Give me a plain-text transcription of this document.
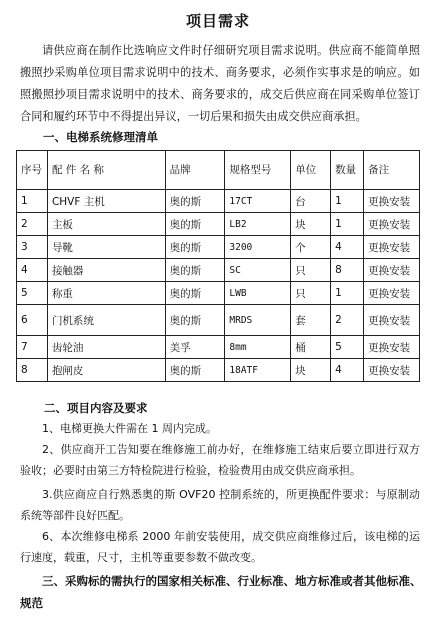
项目需求
请供应商在制作比选响应文件时仔细研究项目需求说明。供应商不能简单照搬照抄采购单位项目需求说明中的技术、商务要求，必须作实事求是的响应。如照搬照抄项目需求说明中的技术、商务要求的，成交后供应商在同采购单位签订合同和履约环节中不得提出异议，一切后果和损失由成交供应商承担。
一、电梯系统修理清单
序号	配 件 名 称	品牌	规格型号	单位	数量	备注
1	CHVF 主机	奥的斯	17CT	台	1	更换安装
2	主板	奥的斯	LB2	块	1	更换安装
3	导靴	奥的斯	3200	个	4	更换安装
4	接触器	奥的斯	SC	只	8	更换安装
5	称重	奥的斯	LWB	只	1	更换安装
6	门机系统	奥的斯	MRDS	套	2	更换安装
7	齿轮油	美孚	8mm	桶	5	更换安装
8	抱闸皮	奥的斯	18ATF	块	4	更换安装
二、项目内容及要求
1、电梯更换大件需在 1 周内完成。
2、供应商开工告知要在维修施工前办好，在维修施工结束后要立即进行双方验收；必要时由第三方特检院进行检验，检验费用由成交供应商承担。
3.供应商应自行熟悉奥的斯 OVF20 控制系统的，所更换配件要求：与原制动系统等部件良好匹配。
6、本次维修电梯系 2000 年前安装使用，成交供应商维修过后，该电梯的运行速度，载重，尺寸，主机等重要参数不做改变。
三、采购标的需执行的国家相关标准、行业标准、地方标准或者其他标准、规范
